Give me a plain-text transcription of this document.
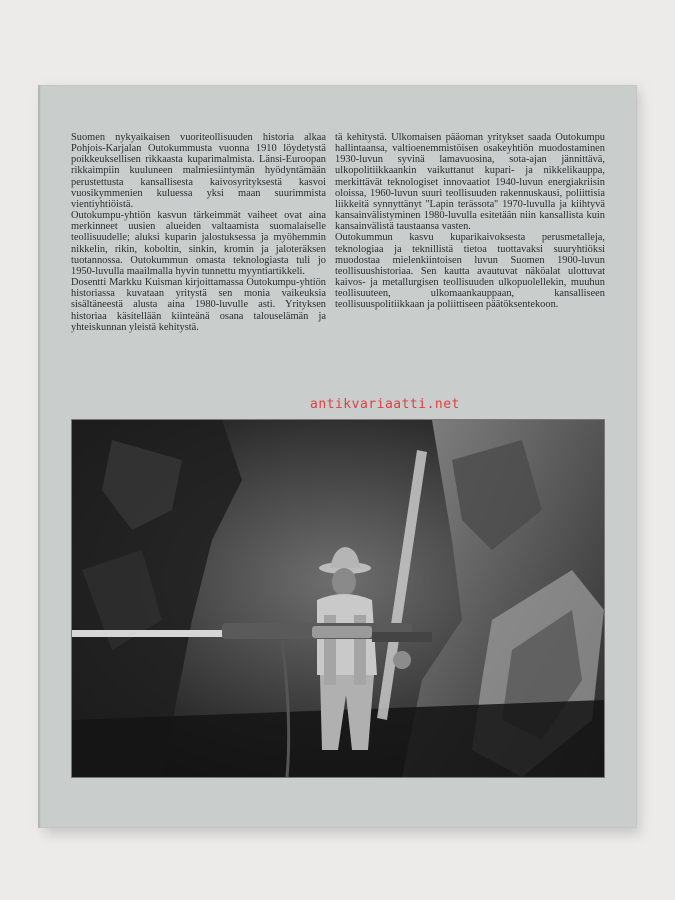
Suomen nykyaikaisen vuoriteollisuuden historia alkaa Pohjois-Karjalan Outokummusta vuonna 1910 löydetystä poikkeuksellisen rikkaasta kuparimalmista. Länsi-Euroopan rikkaimpiin kuuluneen malmiesiintymän hyödyntämään perustettusta kansallisesta kaivosyrityksestä kasvoi vuosikymmenien kuluessa yksi maan suurimmista vientiyhtiöistä.

Outokumpu-yhtiön kasvun tärkeimmät vaiheet ovat aina merkinneet uusien alueiden valtaamista suomalaiselle teollisuudelle; aluksi kuparin jalostuksessa ja myöhemmin nikkelin, rikin, koboltin, sinkin, kromin ja jaloteräksen tuotannossa. Outokummun omasta teknologiasta tuli jo 1950-luvulla maailmalla hyvin tunnettu myyntiartikkeli.

Dosentti Markku Kuisman kirjoittamassa Outokumpu-yhtiön historiassa kuvataan yritystä sen monia vaikeuksia sisältäneestä alusta aina 1980-luvulle asti. Yrityksen historiaa käsitellään kiinteänä osana talouselämän ja yhteiskunnan yleistä kehitystä.

tä kehitystä. Ulkomaisen pääoman yritykset saada Outokumpu hallintaansa, valtioenemmistöisen osakeyhtiön muodostaminen 1930-luvun syvinä lamavuosina, sota-ajan jännittävä, ulkopolitiikkaankin vaikuttanut kupari- ja nikkelikauppa, merkittävät teknologiset innovaatiot 1940-luvun energiakriisin oloissa, 1960-luvun suuri teollisuuden rakennuskausi, poliittisia liikkeitä synnyttänyt ''Lapin terässota'' 1970-luvulla ja kiihtyvä kansainvälistyminen 1980-luvulla esitetään niin kansallista kuin kansainvälistä taustaansa vasten.

Outokummun kasvu kuparikaivoksesta perusmetalleja, teknologiaa ja teknillistä tietoa tuottavaksi suuryhtiöksi muodostaa mielenkiintoisen luvun Suomen 1900-luvun teollisuushistoriaa. Sen kautta avautuvat näköalat ulottuvat kaivos- ja metallurgisen teollisuuden ulkopuolellekin, muuhun teollisuuteen, ulkomaankauppaan, kansalliseen teollisuuspolitiikkaan ja poliittiseen päätöksentekoon.

antikvariaatti.net
